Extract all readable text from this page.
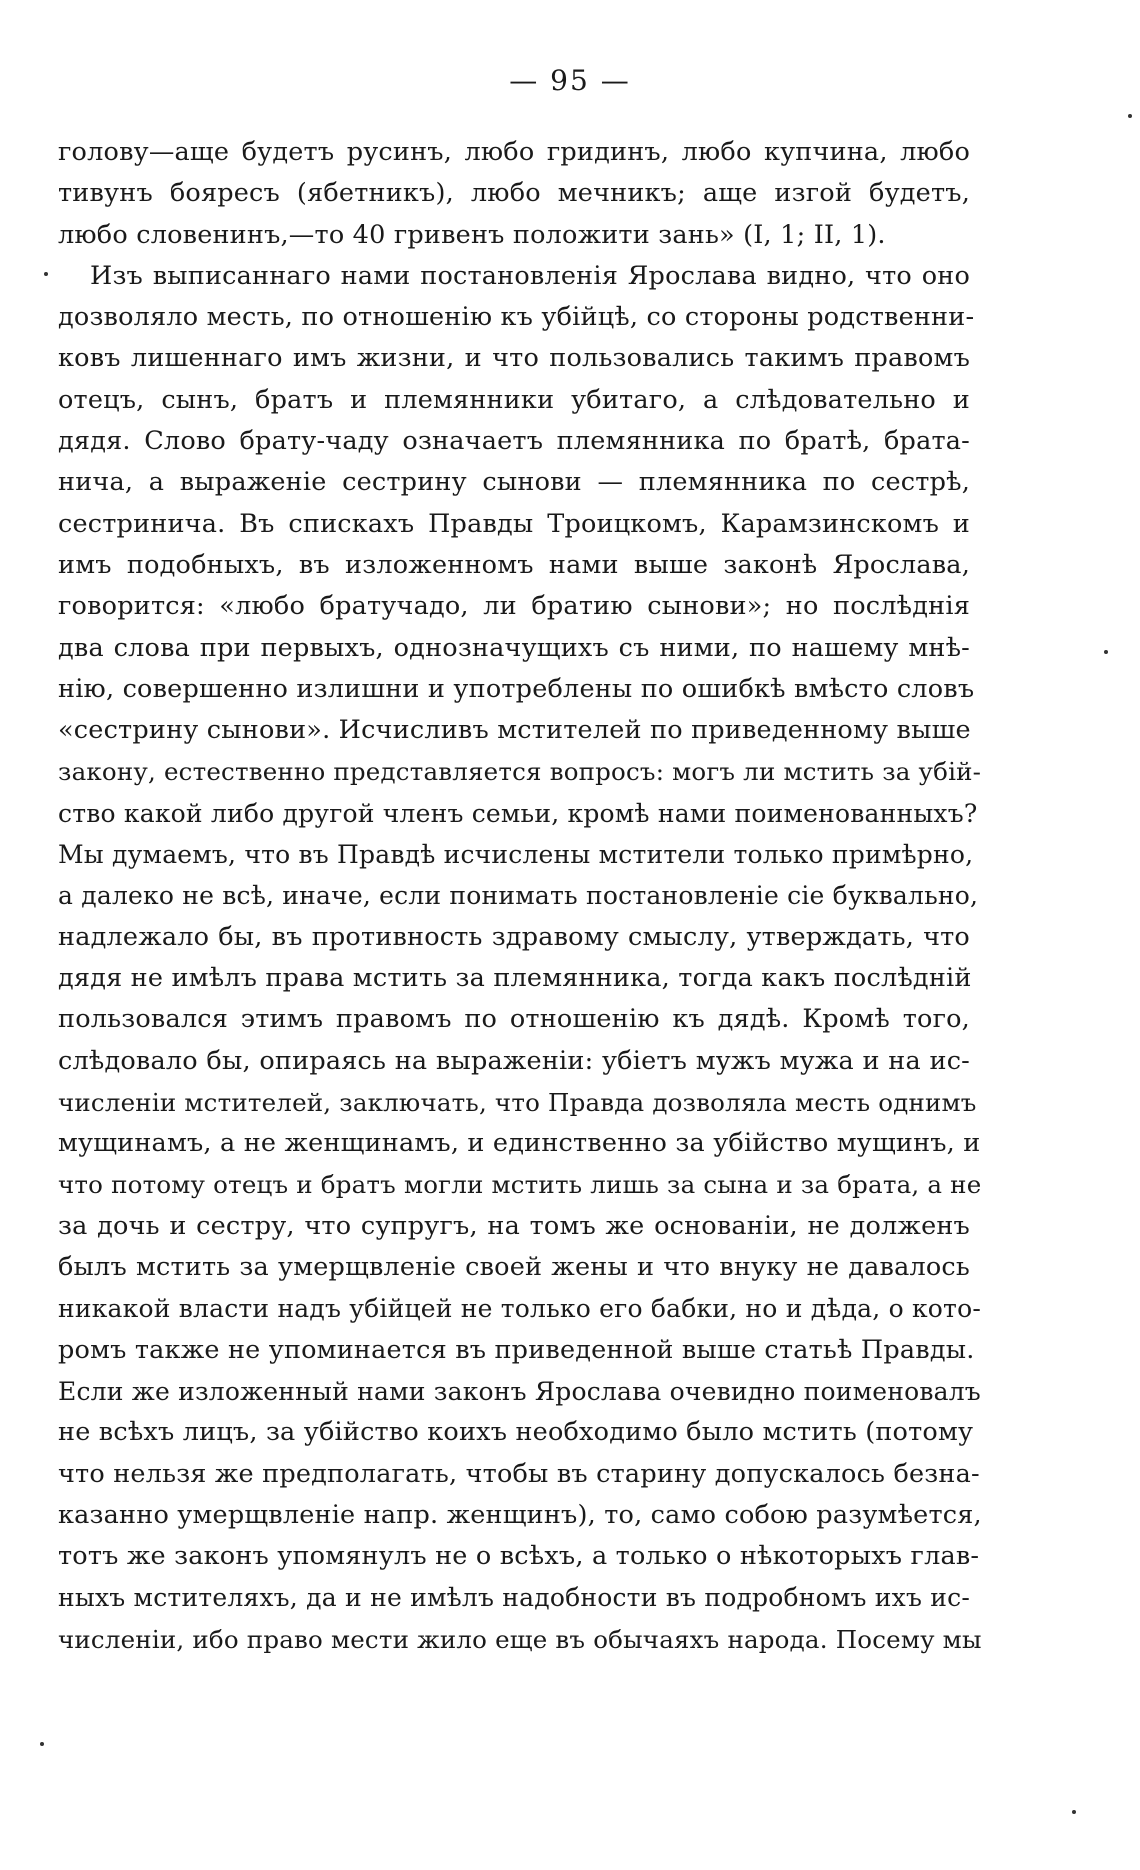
— 95 —
голову—аще будетъ русинъ, любо гридинъ, любо купчина, любо
тивунъ бояресъ (ябетникъ), любо мечникъ; аще изгой будетъ,
любо словенинъ,—то 40 гривенъ положити зань» (I, 1; II, 1).
Изъ выписаннаго нами постановленія Ярослава видно, что оно
дозволяло месть, по отношенію къ убійцѣ, со стороны родственни-
ковъ лишеннаго имъ жизни, и что пользовались такимъ правомъ
отецъ, сынъ, братъ и племянники убитаго, а слѣдовательно и
дядя. Слово брату-чаду означаетъ племянника по братѣ, братa-
нича, а выраженіе сестрину сынови — племянника по сестрѣ,
сестринича. Въ спискахъ Правды Троицкомъ, Карамзинскомъ и
имъ подобныхъ, въ изложенномъ нами выше законѣ Ярослава,
говорится: «любо братучадо, ли братию сынови»; но послѣднія
два слова при первыхъ, однозначущихъ съ ними, по нашему мнѣ-
нію, совершенно излишни и употреблены по ошибкѣ вмѣсто словъ
«сестрину сынови». Исчисливъ мстителей по приведенному выше
закону, естественно представляется вопросъ: могъ ли мстить за убій-
ство какой либо другой членъ семьи, кромѣ нами поименованныхъ?
Мы думаемъ, что въ Правдѣ исчислены мстители только примѣрно,
а далеко не всѣ, иначе, если понимать постановленіе сіе буквально,
надлежало бы, въ противность здравому смыслу, утверждать, что
дядя не имѣлъ права мстить за племянника, тогда какъ послѣдній
пользовался этимъ правомъ по отношенію къ дядѣ. Кромѣ того,
слѣдовало бы, опираясь на выраженіи: убіетъ мужъ мужа и на ис-
численіи мстителей, заключать, что Правда дозволяла месть однимъ
мущинамъ, а не женщинамъ, и единственно за убійство мущинъ, и
что потому отецъ и братъ могли мстить лишь за сына и за брата, а не
за дочь и сестру, что супругъ, на томъ же основаніи, не долженъ
былъ мстить за умерщвленіе своей жены и что внуку не давалось
никакой власти надъ убійцей не только его бабки, но и дѣда, о кото-
ромъ также не упоминается въ приведенной выше статьѣ Правды.
Если же изложенный нами законъ Ярослава очевидно поименовалъ
не всѣхъ лицъ, за убійство коихъ необходимо было мстить (потому
что нельзя же предполагать, чтобы въ старину допускалось безна-
казанно умерщвленіе напр. женщинъ), то, само собою разумѣется,
тотъ же законъ упомянулъ не о всѣхъ, а только о нѣкоторыхъ глав-
ныхъ мстителяхъ, да и не имѣлъ надобности въ подробномъ ихъ ис-
численіи, ибо право мести жило еще въ обычаяхъ народа. Посему мы
